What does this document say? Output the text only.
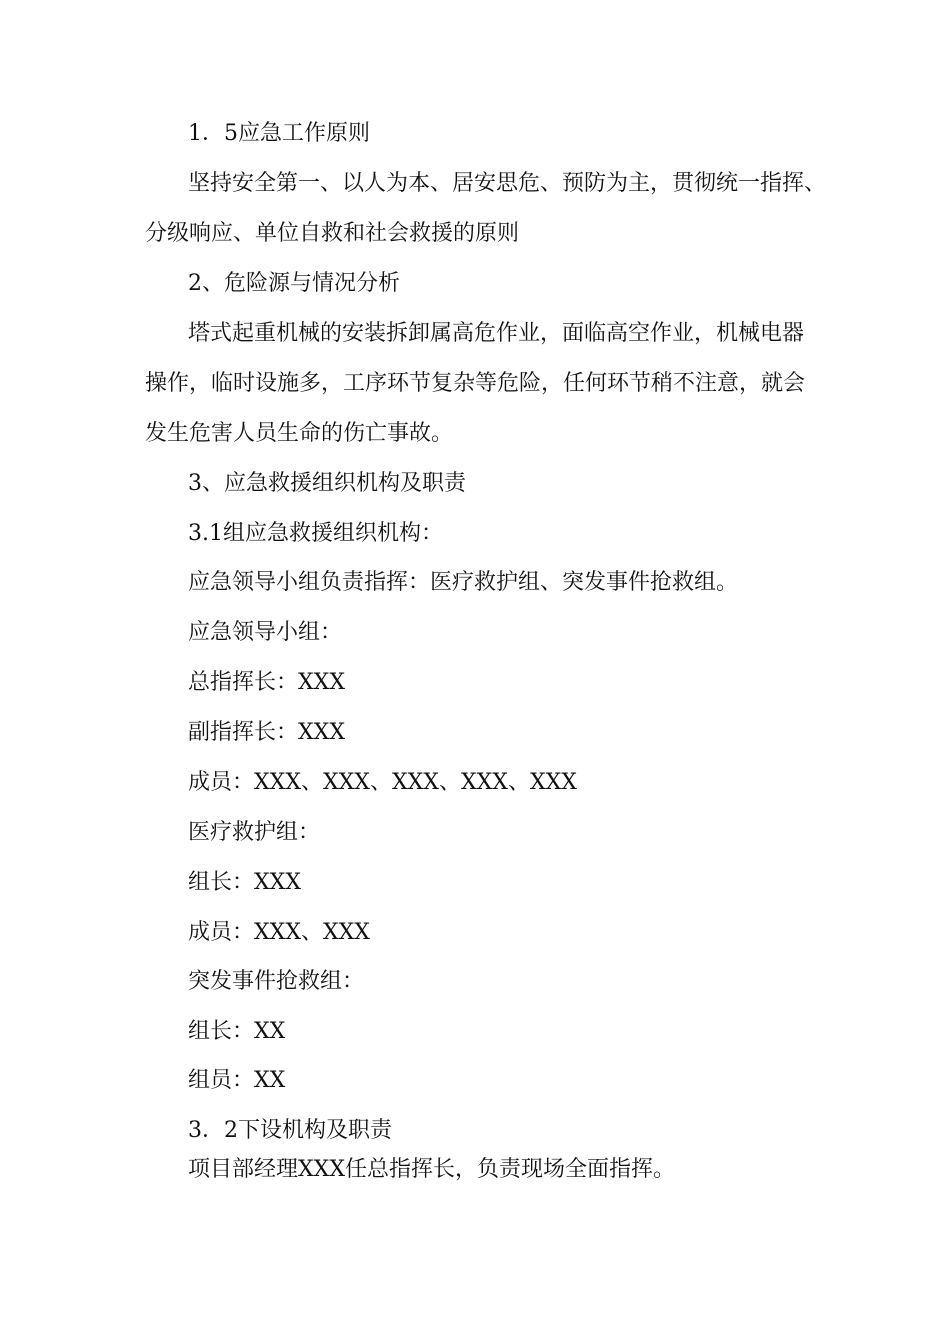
1．5应急工作原则
坚持安全第一、以人为本、居安思危、预防为主，贯彻统一指挥、
分级响应、单位自救和社会救援的原则
2、危险源与情况分析
塔式起重机械的安装拆卸属高危作业，面临高空作业，机械电器
操作，临时设施多，工序环节复杂等危险，任何环节稍不注意，就会
发生危害人员生命的伤亡事故。
3、应急救援组织机构及职责
3.1组应急救援组织机构：
应急领导小组负责指挥：医疗救护组、突发事件抢救组。
应急领导小组：
总指挥长：XXX
副指挥长：XXX
成员：XXX、XXX、XXX、XXX、XXX
医疗救护组：
组长：XXX
成员：XXX、XXX
突发事件抢救组：
组长：XX
组员：XX
3．2下设机构及职责
项目部经理XXX任总指挥长，负责现场全面指挥。
